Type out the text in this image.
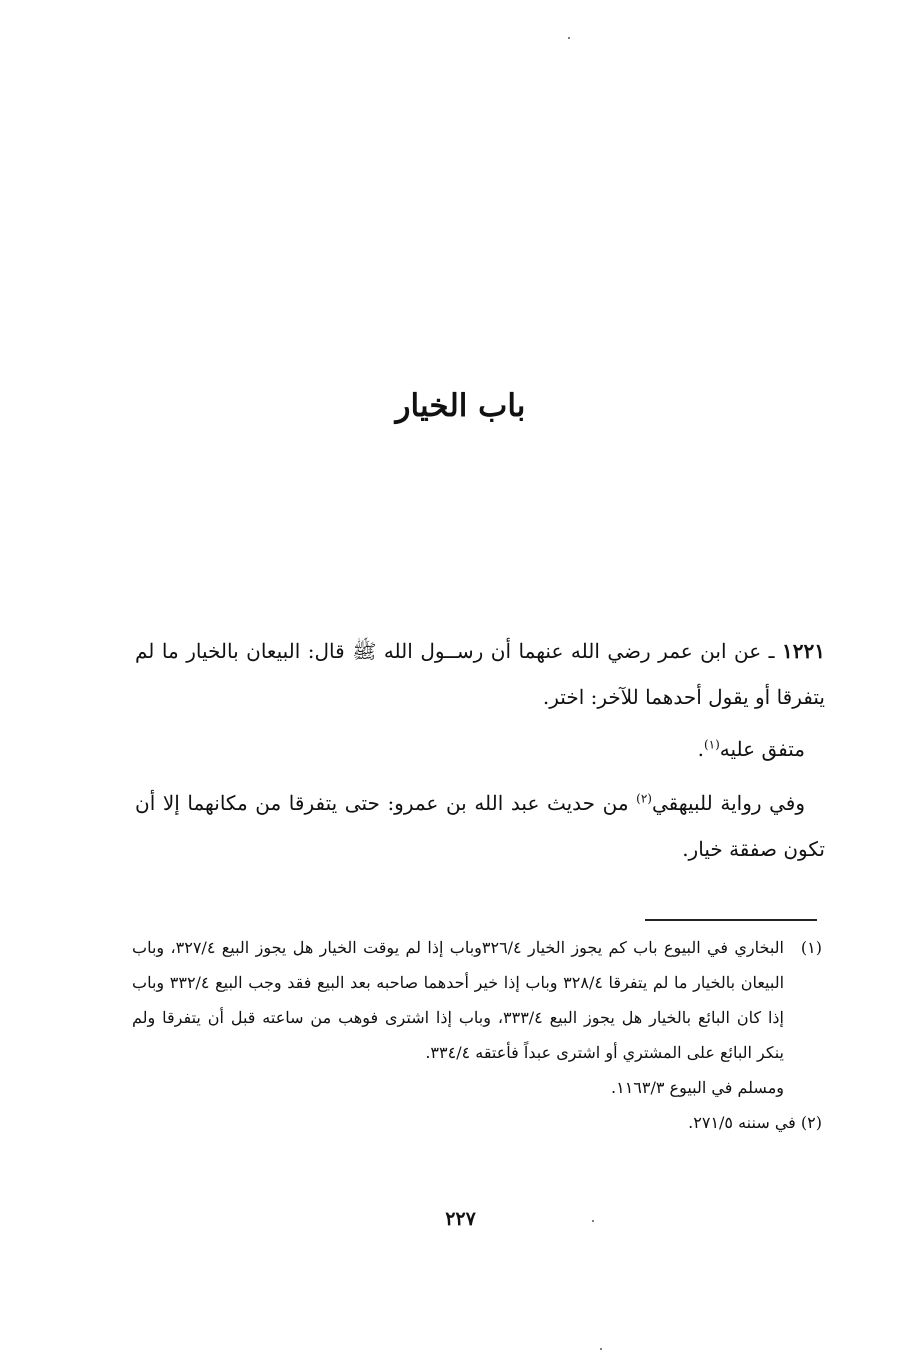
باب الخيار

١٢٢١ ـ عن ابن عمر رضي الله عنهما أن رســول الله ﷺ قال: البيعان بالخيار ما لم يتفرقا أو يقول أحدهما للآخر: اختر.

متفق عليه$^{(١)}$.

وفي رواية للبيهقي$^{(٢)}$ من حديث عبد الله بن عمرو: حتى يتفرقا من مكانهما إلا أن تكون صفقة خيار.

(١)البخاري في البيوع باب كم يجوز الخيار ٣٢٦/٤وباب إذا لم يوقت الخيار هل يجوز البيع ٣٢٧/٤، وباب البيعان بالخيار ما لم يتفرقا ٣٢٨/٤ وباب إذا خير أحدهما صاحبه بعد البيع فقد وجب البيع ٣٣٢/٤ وباب إذا كان البائع بالخيار هل يجوز البيع ٣٣٣/٤، وباب إذا اشترى فوهب من ساعته قبل أن يتفرقا ولم ينكر البائع على المشتري أو اشترى عبداً فأعتقه ٣٣٤/٤.

ومسلم في البيوع ١١٦٣/٣.

(٢) في سننه ٢٧١/٥.

٢٢٧
